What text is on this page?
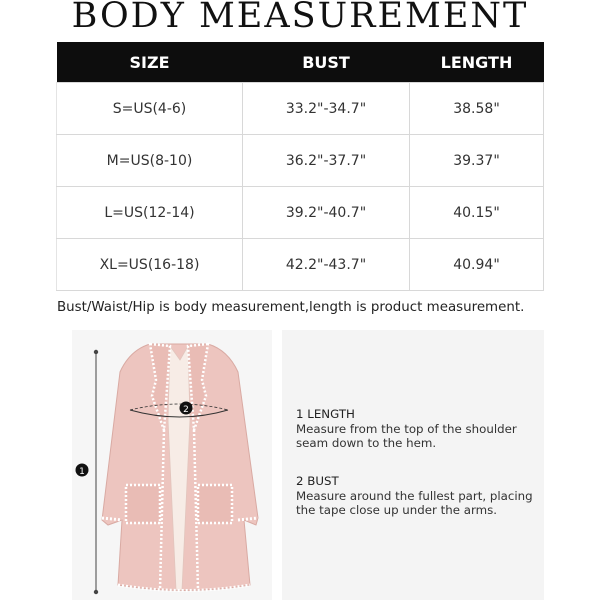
BODY MEASUREMENT
SIZE	BUST	LENGTH
S=US(4-6)	33.2"-34.7"	38.58"
M=US(8-10)	36.2"-37.7"	39.37"
L=US(12-14)	39.2"-40.7"	40.15"
XL=US(16-18)	42.2"-43.7"	40.94"
Bust/Waist/Hip is body measurement,length is product measurement.
1
2	1 LENGTH
Measure from the top of the shoulder
seam down to the hem.
2 BUST
Measure around the fullest part, placing
the tape close up under the arms.
